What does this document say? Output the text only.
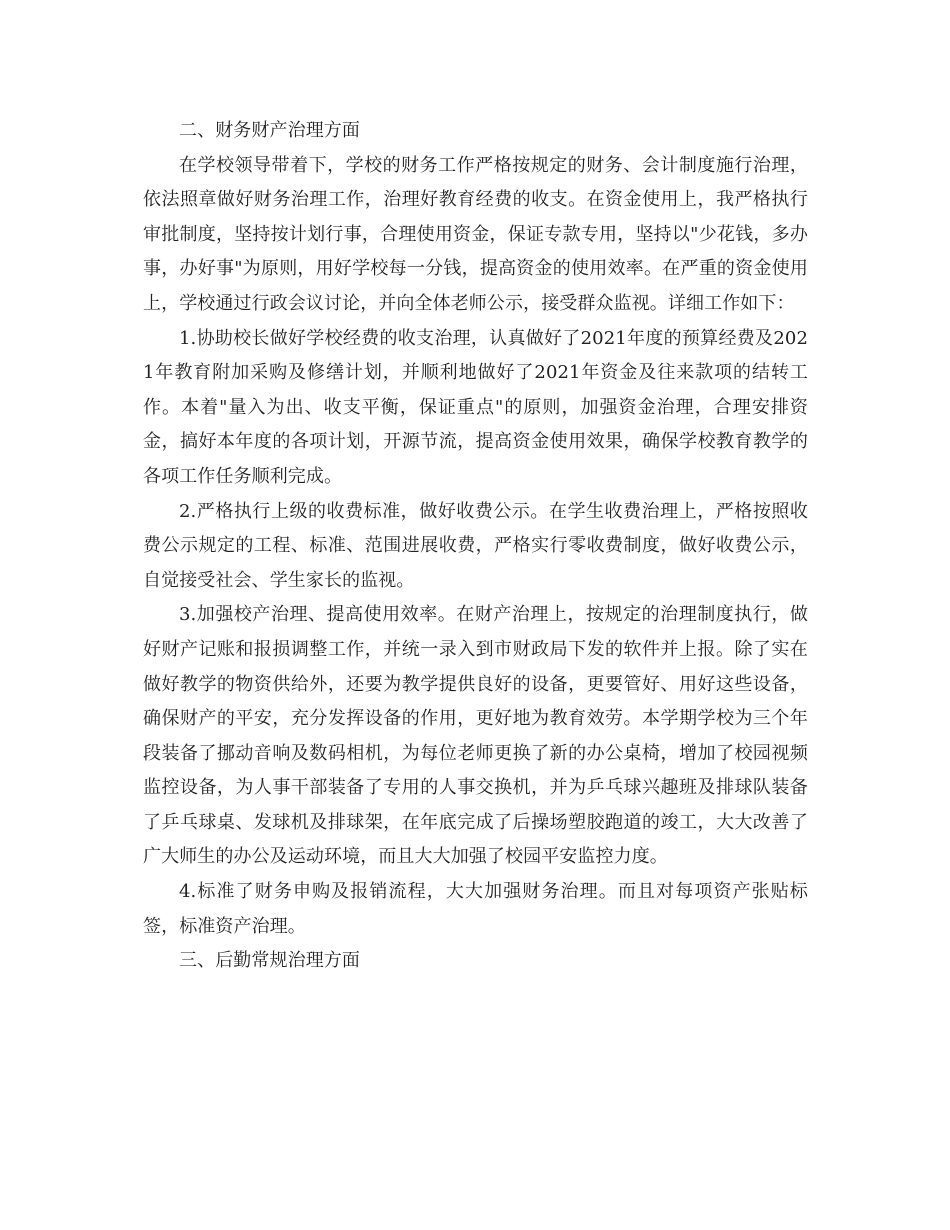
二、财务财产治理方面

在学校领导带着下，学校的财务工作严格按规定的财务、会计制度施行治理，依法照章做好财务治理工作，治理好教育经费的收支。在资金使用上，我严格执行审批制度，坚持按计划行事，合理使用资金，保证专款专用，坚持以"少花钱，多办事，办好事"为原则，用好学校每一分钱，提高资金的使用效率。在严重的资金使用上，学校通过行政会议讨论，并向全体老师公示，接受群众监视。详细工作如下：

1.协助校长做好学校经费的收支治理，认真做好了2021年度的预算经费及2021年教育附加采购及修缮计划，并顺利地做好了2021年资金及往来款项的结转工作。本着"量入为出、收支平衡，保证重点"的原则，加强资金治理，合理安排资金，搞好本年度的各项计划，开源节流，提高资金使用效果，确保学校教育教学的各项工作任务顺利完成。

2.严格执行上级的收费标准，做好收费公示。在学生收费治理上，严格按照收费公示规定的工程、标准、范围进展收费，严格实行零收费制度，做好收费公示，自觉接受社会、学生家长的监视。

3.加强校产治理、提高使用效率。在财产治理上，按规定的治理制度执行，做好财产记账和报损调整工作，并统一录入到市财政局下发的软件并上报。除了实在做好教学的物资供给外，还要为教学提供良好的设备，更要管好、用好这些设备，确保财产的平安，充分发挥设备的作用，更好地为教育效劳。本学期学校为三个年段装备了挪动音响及数码相机，为每位老师更换了新的办公桌椅，增加了校园视频监控设备，为人事干部装备了专用的人事交换机，并为乒乓球兴趣班及排球队装备了乒乓球桌、发球机及排球架，在年底完成了后操场塑胶跑道的竣工，大大改善了广大师生的办公及运动环境，而且大大加强了校园平安监控力度。

4.标准了财务申购及报销流程，大大加强财务治理。而且对每项资产张贴标签，标准资产治理。

三、后勤常规治理方面
